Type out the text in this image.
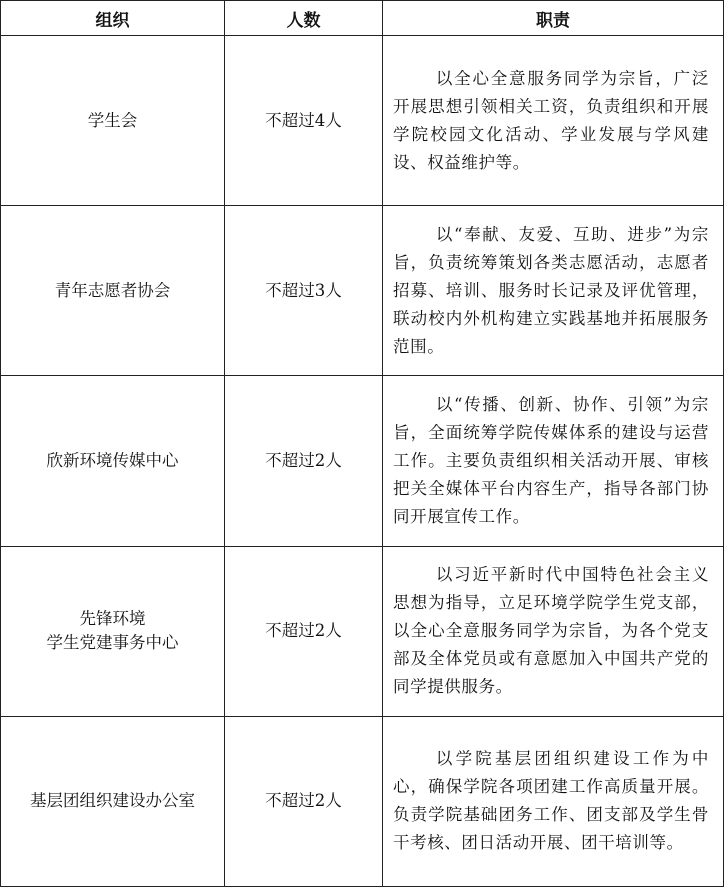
组织	人数	职责

学生会	不超过4人	以全心全意服务同学为宗旨，广泛开展思想引领相关工资，负责组织和开展学院校园文化活动、学业发展与学风建设、权益维护等。

青年志愿者协会	不超过3人	以“奉献、友爱、互助、进步”为宗旨，负责统筹策划各类志愿活动，志愿者招募、培训、服务时长记录及评优管理，联动校内外机构建立实践基地并拓展服务范围。

欣新环境传媒中心	不超过2人	以“传播、创新、协作、引领”为宗旨，全面统筹学院传媒体系的建设与运营工作。主要负责组织相关活动开展、审核把关全媒体平台内容生产，指导各部门协同开展宣传工作。

先锋环境
学生党建事务中心	不超过2人	以习近平新时代中国特色社会主义思想为指导，立足环境学院学生党支部，以全心全意服务同学为宗旨，为各个党支部及全体党员或有意愿加入中国共产党的同学提供服务。

基层团组织建设办公室	不超过2人	以学院基层团组织建设工作为中心，确保学院各项团建工作高质量开展。负责学院基础团务工作、团支部及学生骨干考核、团日活动开展、团干培训等。
